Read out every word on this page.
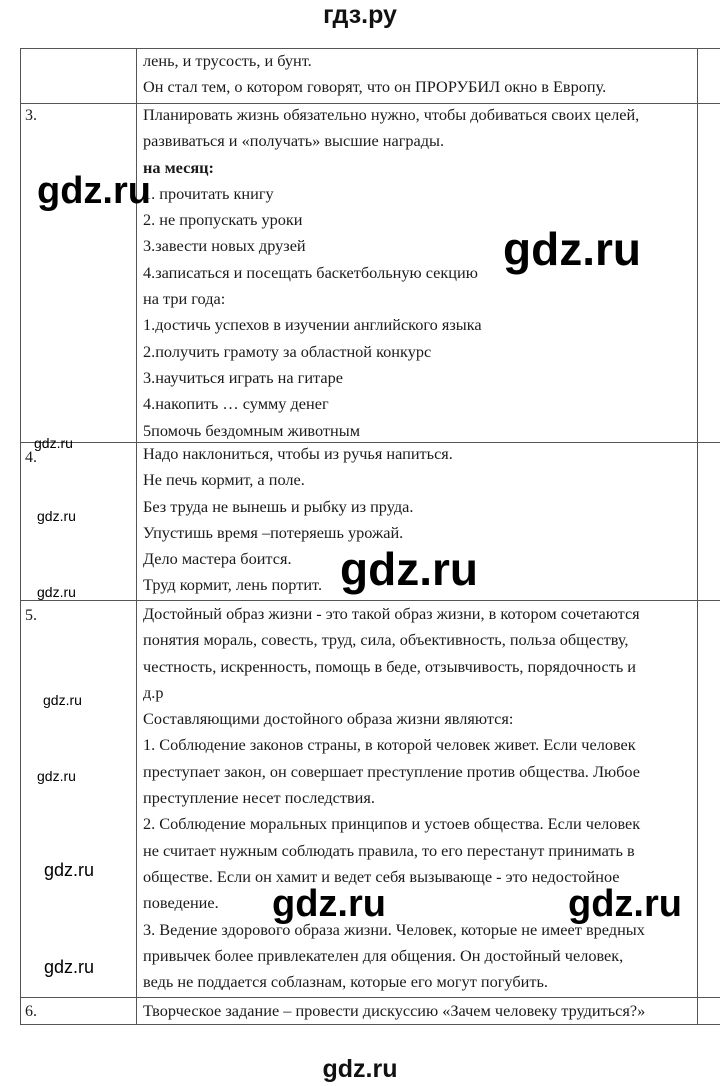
гдз.ру
лень, и трусость, и бунт.
Он стал тем, о котором говорят, что он ПРОРУБИЛ окно в Европу.
3.	Планировать жизнь обязательно нужно, чтобы добиваться своих целей,
развиваться и «получать» высшие награды.
на месяц:
1. прочитать книгу
2. не пропускать уроки
3.завести новых друзей
4.записаться и посещать баскетбольную секцию
на три года:
1.достичь успехов в изучении английского языка
2.получить грамоту за областной конкурс
3.научиться играть на гитаре
4.накопить … сумму денег
5помочь бездомным животным
4.	Надо наклониться, чтобы из ручья напиться.
Не печь кормит, а поле.
Без труда не вынешь и рыбку из пруда.
Упустишь время –потеряешь урожай.
Дело мастера боится.
Труд кормит, лень портит.
5.	Достойный образ жизни - это такой образ жизни, в котором сочетаются
понятия мораль, совесть, труд, сила, объективность, польза обществу,
честность, искренность, помощь в беде, отзывчивость, порядочность и
д.р
Составляющими достойного образа жизни являются:
1. Соблюдение законов страны, в которой человек живет. Если человек
преступает закон, он совершает преступление против общества. Любое
преступление несет последствия.
2. Соблюдение моральных принципов и устоев общества. Если человек
не считает нужным соблюдать правила, то его перестанут принимать в
обществе. Если он хамит и ведет себя вызывающе - это недостойное
поведение.
3. Ведение здорового образа жизни. Человек, которые не имеет вредных
привычек более привлекателен для общения. Он достойный человек,
ведь не поддается соблазнам, которые его могут погубить.
6.	Творческое задание – провести дискуссию «Зачем человеку трудиться?»
gdz.ru
gdz.ru
gdz.ru
gdz.ru
gdz.ru
gdz.ru
gdz.ru
gdz.ru
gdz.ru
gdz.ru	gdz.ru
gdz.ru
gdz.ru
